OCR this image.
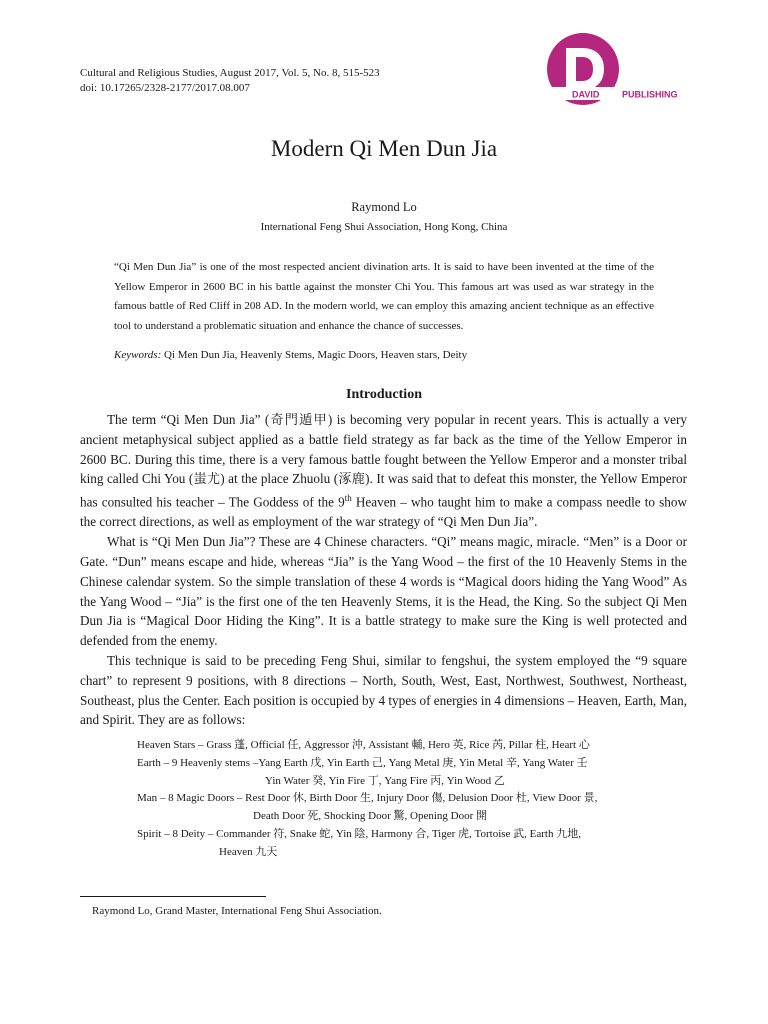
Cultural and Religious Studies, August 2017, Vol. 5, No. 8, 515-523
doi: 10.17265/2328-2177/2017.08.007
DAVID	PUBLISHING
Modern Qi Men Dun Jia
Raymond Lo
International Feng Shui Association, Hong Kong, China

“Qi Men Dun Jia” is one of the most respected ancient divination arts. It is said to have been invented at the time of the Yellow Emperor in 2600 BC in his battle against the monster Chi You. This famous art was used as war strategy in the famous battle of Red Cliff in 208 AD. In the modern world, we can employ this amazing ancient technique as an effective tool to understand a problematic situation and enhance the chance of successes.

Keywords: Qi Men Dun Jia, Heavenly Stems, Magic Doors, Heaven stars, Deity
Introduction

The term “Qi Men Dun Jia” (奇門遁甲) is becoming very popular in recent years. This is actually a very ancient metaphysical subject applied as a battle field strategy as far back as the time of the Yellow Emperor in 2600 BC. During this time, there is a very famous battle fought between the Yellow Emperor and a monster tribal king called Chi You (蚩尤) at the place Zhuolu (涿鹿). It was said that to defeat this monster, the Yellow Emperor has consulted his teacher – The Goddess of the 9th Heaven – who taught him to make a compass needle to show the correct directions, as well as employment of the war strategy of “Qi Men Dun Jia”.

What is “Qi Men Dun Jia”? These are 4 Chinese characters. “Qi” means magic, miracle. “Men” is a Door or Gate. “Dun” means escape and hide, whereas “Jia” is the Yang Wood – the first of the 10 Heavenly Stems in the Chinese calendar system. So the simple translation of these 4 words is “Magical doors hiding the Yang Wood” As the Yang Wood – “Jia” is the first one of the ten Heavenly Stems, it is the Head, the King. So the subject Qi Men Dun Jia is “Magical Door Hiding the King”. It is a battle strategy to make sure the King is well protected and defended from the enemy.

This technique is said to be preceding Feng Shui, similar to fengshui, the system employed the “9 square chart” to represent 9 positions, with 8 directions – North, South, West, East, Northwest, Southwest, Northeast, Southeast, plus the Center. Each position is occupied by 4 types of energies in 4 dimensions – Heaven, Earth, Man, and Spirit. They are as follows:

Heaven Stars – Grass 蓬, Official 任, Aggressor 沖, Assistant 輔, Hero 英, Rice 芮, Pillar 柱, Heart 心
Earth – 9 Heavenly stems –Yang Earth 戊, Yin Earth 己, Yang Metal 庚, Yin Metal 辛, Yang Water 壬
Yin Water 癸, Yin Fire 丁, Yang Fire 丙, Yin Wood 乙
Man – 8 Magic Doors – Rest Door 休, Birth Door 生, Injury Door 傷, Delusion Door 杜, View Door 景,
Death Door 死, Shocking Door 驚, Opening Door 開
Spirit – 8 Deity – Commander 符, Snake 蛇, Yin 陰, Harmony 合, Tiger 虎, Tortoise 武, Earth 九地,
Heaven 九天
Raymond Lo, Grand Master, International Feng Shui Association.
